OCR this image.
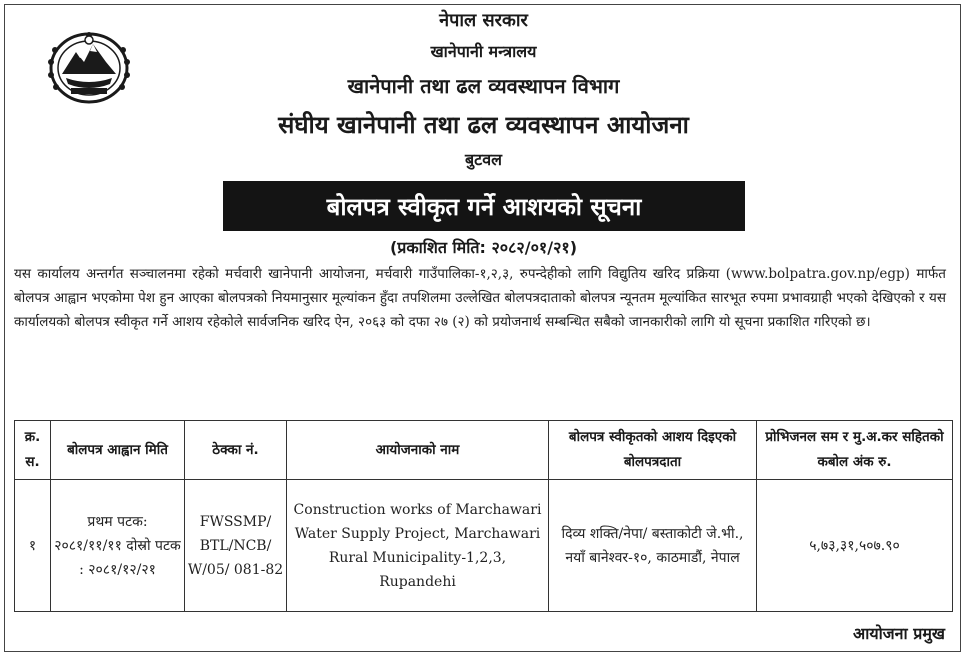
नेपाल सरकार
खानेपानी मन्त्रालय
खानेपानी तथा ढल व्यवस्थापन विभाग
संघीय खानेपानी तथा ढल व्यवस्थापन आयोजना
बुटवल
बोलपत्र स्वीकृत गर्ने आशयको सूचना
(प्रकाशित मिति: २०८२/०१/२१)
यस कार्यालय अन्तर्गत सञ्चालनमा रहेको मर्चवारी खानेपानी आयोजना, मर्चवारी गाउँपालिका-१,२,३, रुपन्देहीको लागि विद्युतिय खरिद प्रक्रिया (www.bolpatra.gov.np/egp) मार्फत बोलपत्र आह्वान भएकोमा पेश हुन आएका बोलपत्रको नियमानुसार मूल्यांकन हुँदा तपशिलमा उल्लेखित बोलपत्रदाताको बोलपत्र न्यूनतम मूल्यांकित सारभूत रुपमा प्रभावग्राही भएको देखिएको र यस कार्यालयको बोलपत्र स्वीकृत गर्ने आशय रहेकोले सार्वजनिक खरिद ऐन, २०६३ को दफा २७ (२) को प्रयोजनार्थ सम्बन्धित सबैको जानकारीको लागि यो सूचना प्रकाशित गरिएको छ।
क्र. स.	बोलपत्र आह्वान मिति	ठेक्का नं.	आयोजनाको नाम	बोलपत्र स्वीकृतको आशय दिइएको बोलपत्रदाता	प्रोभिजनल सम र मु.अ.कर सहितको कबोल अंक रु.
१	प्रथम पटक: २०८१/११/११ दोस्रो पटक : २०८१/१२/२१	FWSSMP/ BTL/NCB/ W/05/ 081-82	Construction works of Marchawari Water Supply Project, Marchawari Rural Municipality-1,2,3, Rupandehi	दिव्य शक्ति/नेपा/ बस्ताकोटी जे.भी., नयाँ बानेश्वर-१०, काठमाडौं, नेपाल	५,७३,३१,५०७.९०
आयोजना प्रमुख
